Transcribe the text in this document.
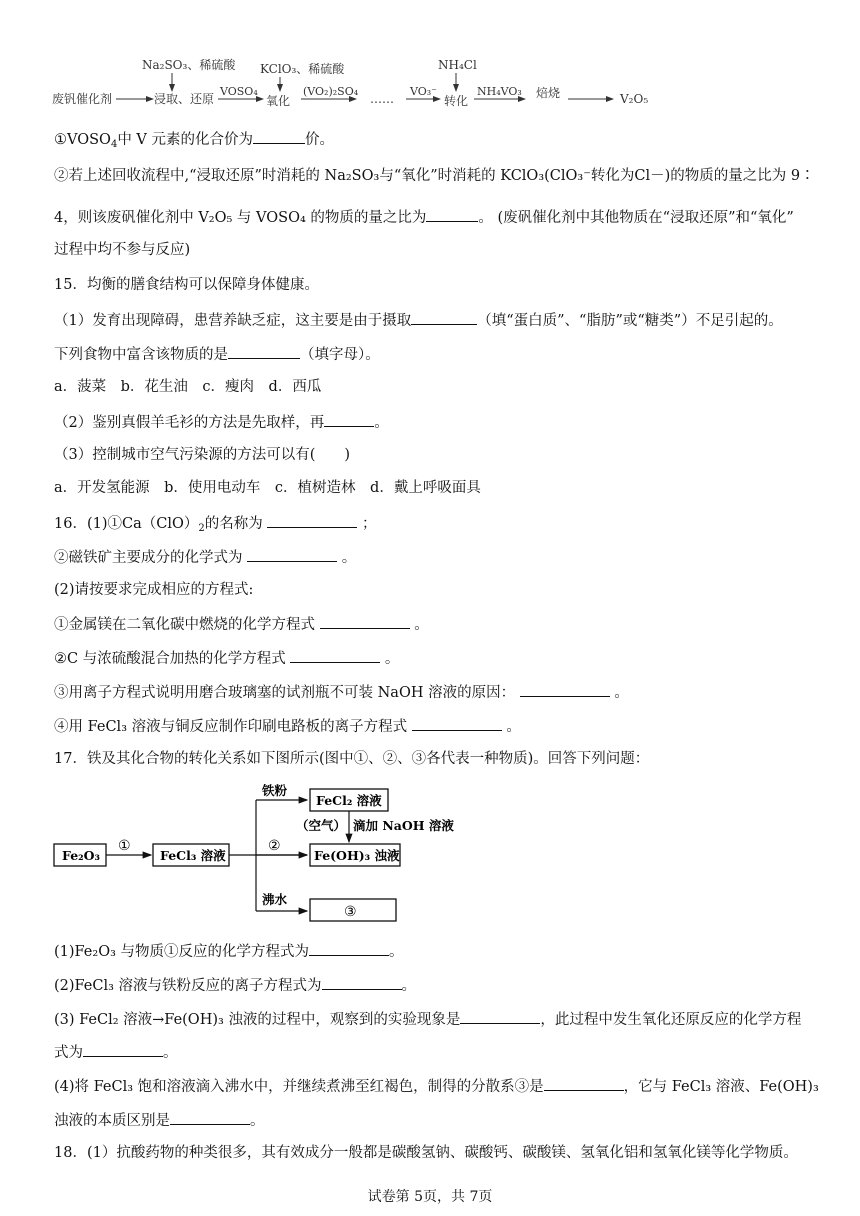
废钒催化剂
Na₂SO₃、稀硫酸
浸取、还原
VOSO₄
KClO₃、稀硫酸
氧化
(VO₂)₂SO₄
……
VO₃⁻
NH₄Cl
转化
NH₄VO₃ 焙烧	V₂O₅
$①VOSO_4$中 V 元素的化合价为	价。
②若上述回收流程中,“浸取还原”时消耗的 Na₂SO₃与“氧化”时消耗的 KClO₃(ClO₃⁻转化为Cl－)的物质的量之比为 9∶
4，则该废矾催化剂中 V₂O₅ 与 VOSO₄ 的物质的量之比为	。 (废矾催化剂中其他物质在“浸取还原”和“氧化”
过程中均不参与反应)
15．均衡的膳食结构可以保障身体健康。
（1）发育出现障碍，患营养缺乏症，这主要是由于摄取	（填“蛋白质”、“脂肪”或“糖类”）不足引起的。
下列食物中富含该物质的是	（填字母）。
a．菠菜　b．花生油　c．瘦肉　d．西瓜
（2）鉴别真假羊毛衫的方法是先取样，再	。
（3）控制城市空气污染源的方法可以有(　　)
a．开发氢能源　b．使用电动车　c．植树造林　d．戴上呼吸面具
16．$(1)①Ca(ClO)_2$的名称为	；
②磁铁矿主要成分的化学式为	。
(2)请按要求完成相应的方程式:
①金属镁在二氧化碳中燃烧的化学方程式	。
②C 与浓硫酸混合加热的化学方程式	。
③用离子方程式说明用磨合玻璃塞的试剂瓶不可装 NaOH 溶液的原因：	。
④用 FeCl₃ 溶液与铜反应制作印刷电路板的离子方程式	。
17．铁及其化合物的转化关系如下图所示(图中①、②、③各代表一种物质)。回答下列问题：
Fe₂O₃
①
FeCl₃ 溶液
铁粉
FeCl₂ 溶液
（空气） 滴加 NaOH 溶液
②
Fe(OH)₃ 浊液
沸水
③
(1)Fe₂O₃ 与物质①反应的化学方程式为	。
(2)FeCl₃ 溶液与铁粉反应的离子方程式为	。
(3) FeCl₂ 溶液→Fe(OH)₃ 浊液的过程中，观察到的实验现象是	，此过程中发生氧化还原反应的化学方程
式为	。
(4)将 FeCl₃ 饱和溶液滴入沸水中，并继续煮沸至红褐色，制得的分散系③是	，它与 FeCl₃ 溶液、Fe(OH)₃
浊液的本质区别是	。
18．(1）抗酸药物的种类很多，其有效成分一般都是碳酸氢钠、碳酸钙、碳酸镁、氢氧化铝和氢氧化镁等化学物质。
试卷第 5页，共 7页
